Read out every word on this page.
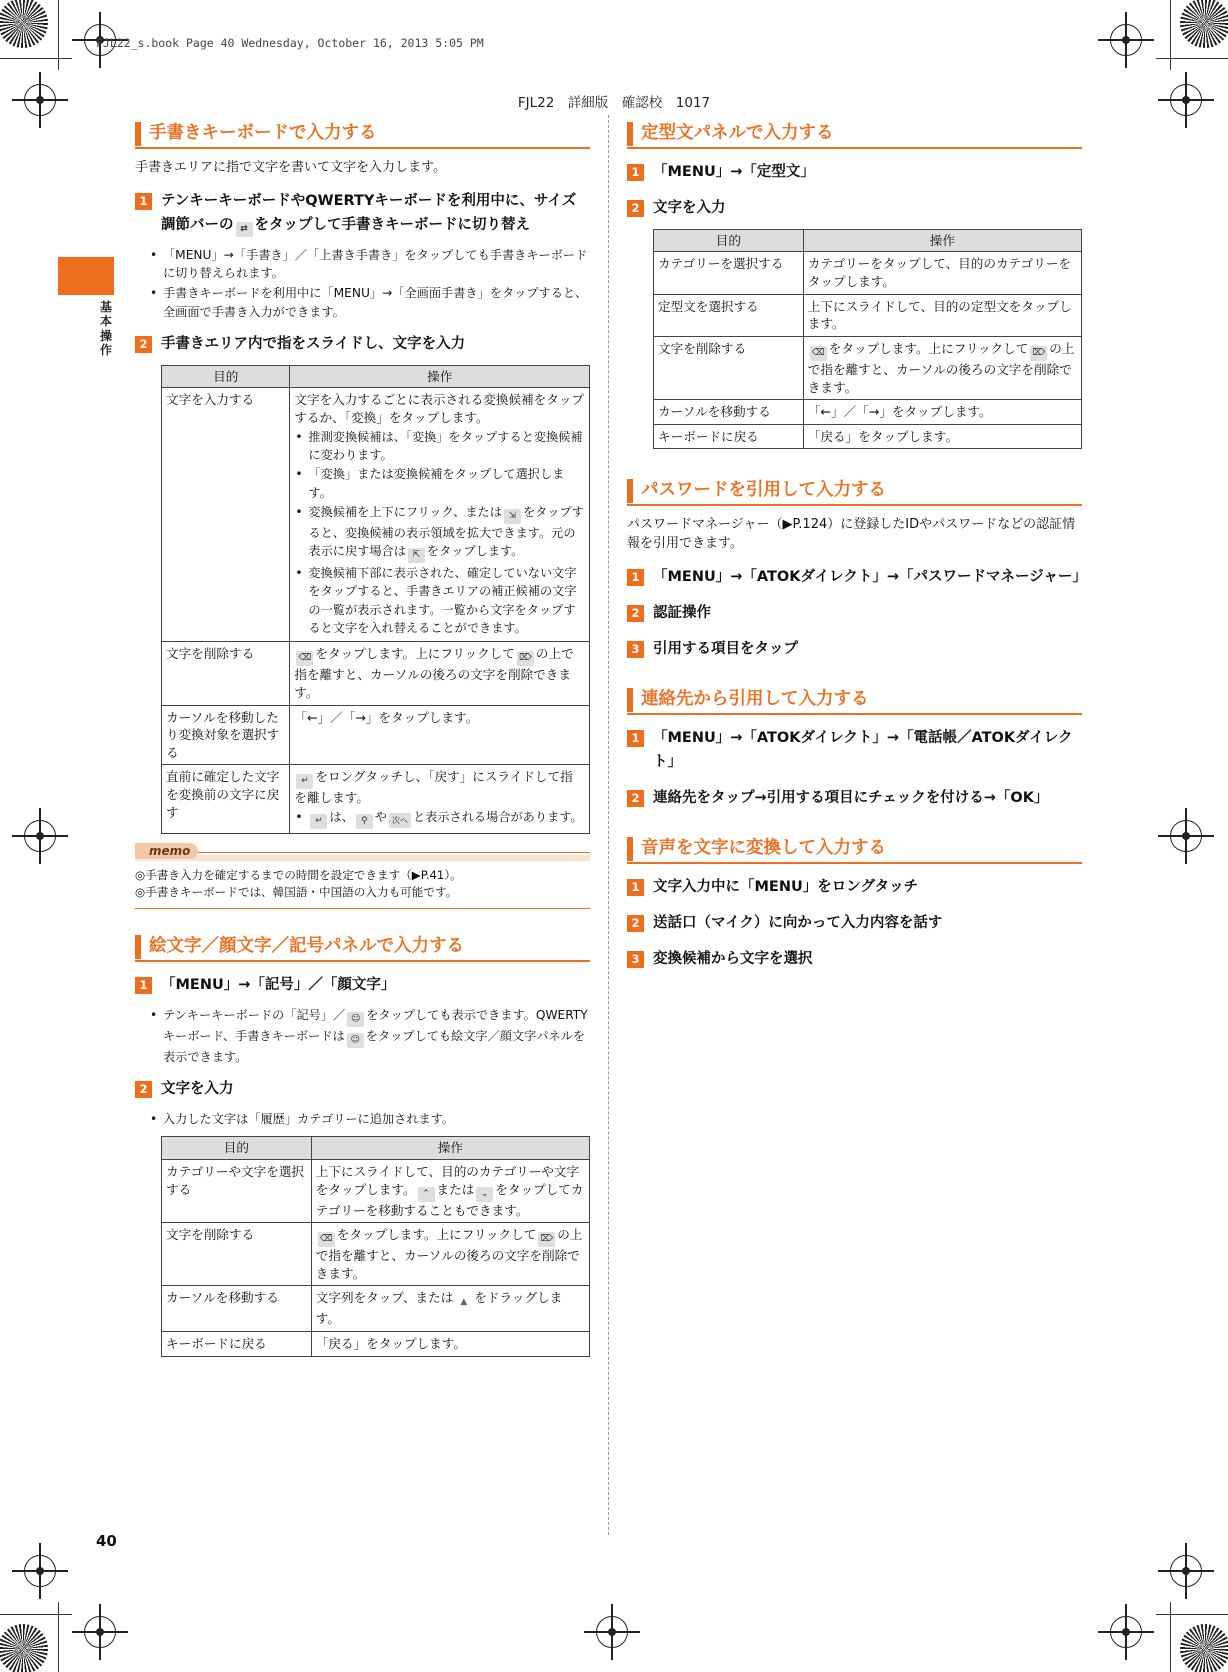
FJL22_s.book Page 40 Wednesday, October 16, 2013 5:05 PM
FJL22　詳細版　確認校　1017
基本操作
40
手書きキーボードで入力する
手書きエリアに指で文字を書いて文字を入力します。
1 テンキーキーボードやQWERTYキーボードを利用中に、サイズ調節バーの ⇄ をタップして手書きキーボードに切り替え
• 「MENU」→「手書き」／「上書き手書き」をタップしても手書きキーボードに切り替えられます。
• 手書きキーボードを利用中に「MENU」→「全画面手書き」をタップすると、全画面で手書き入力ができます。
2 手書きエリア内で指をスライドし、文字を入力
目的	操作
文字を入力する	文字を入力するごとに表示される変換候補をタップするか、「変換」をタップします。
• 推測変換候補は、「変換」をタップすると変換候補に変わります。
• 「変換」または変換候補をタップして選択します。
• 変換候補を上下にフリック、または ⇲ をタップすると、変換候補の表示領域を拡大できます。元の表示に戻す場合は ⇱ をタップします。
• 変換候補下部に表示された、確定していない文字をタップすると、手書きエリアの補正候補の文字の一覧が表示されます。一覧から文字をタップすると文字を入れ替えることができます。

文字を削除する	⌫ をタップします。上にフリックして ⌦ の上で指を離すと、カーソルの後ろの文字を削除できます。
カーソルを移動したり変換対象を選択する	「←」／「→」をタップします。
直前に確定した文字を変換前の文字に戻す	↵ をロングタッチし、「戻す」にスライドして指を離します。
• ↵ は、 ⚲ や 次へ と表示される場合があります。
memo
◎手書き入力を確定するまでの時間を設定できます（▶P.41）。
◎手書きキーボードでは、韓国語・中国語の入力も可能です。
絵文字／顔文字／記号パネルで入力する
1 「MENU」→「記号」／「顔文字」
• テンキーキーボードの「記号」／ ☺ をタップしても表示できます。QWERTYキーボード、手書きキーボードは ☺ をタップしても絵文字／顔文字パネルを表示できます。
2 文字を入力
• 入力した文字は「履歴」カテゴリーに追加されます。
目的	操作
カテゴリーや文字を選択する	上下にスライドして、目的のカテゴリーや文字をタップします。 ⌃ または ⌄ をタップしてカテゴリーを移動することもできます。
文字を削除する	⌫ をタップします。上にフリックして ⌦ の上で指を離すと、カーソルの後ろの文字を削除できます。
カーソルを移動する	文字列をタップ、または ▲ をドラッグします。
キーボードに戻る	「戻る」をタップします。
定型文パネルで入力する
1 「MENU」→「定型文」
2 文字を入力
目的	操作
カテゴリーを選択する	カテゴリーをタップして、目的のカテゴリーをタップします。
定型文を選択する	上下にスライドして、目的の定型文をタップします。
文字を削除する	⌫ をタップします。上にフリックして ⌦ の上で指を離すと、カーソルの後ろの文字を削除できます。
カーソルを移動する	「←」／「→」をタップします。
キーボードに戻る	「戻る」をタップします。
パスワードを引用して入力する
パスワードマネージャー（▶P.124）に登録したIDやパスワードなどの認証情報を引用できます。
1 「MENU」→「ATOKダイレクト」→「パスワードマネージャー」
2 認証操作
3 引用する項目をタップ
連絡先から引用して入力する
1 「MENU」→「ATOKダイレクト」→「電話帳／ATOKダイレクト」
2 連絡先をタップ→引用する項目にチェックを付ける→「OK」
音声を文字に変換して入力する
1 文字入力中に「MENU」をロングタッチ
2 送話口（マイク）に向かって入力内容を話す
3 変換候補から文字を選択
